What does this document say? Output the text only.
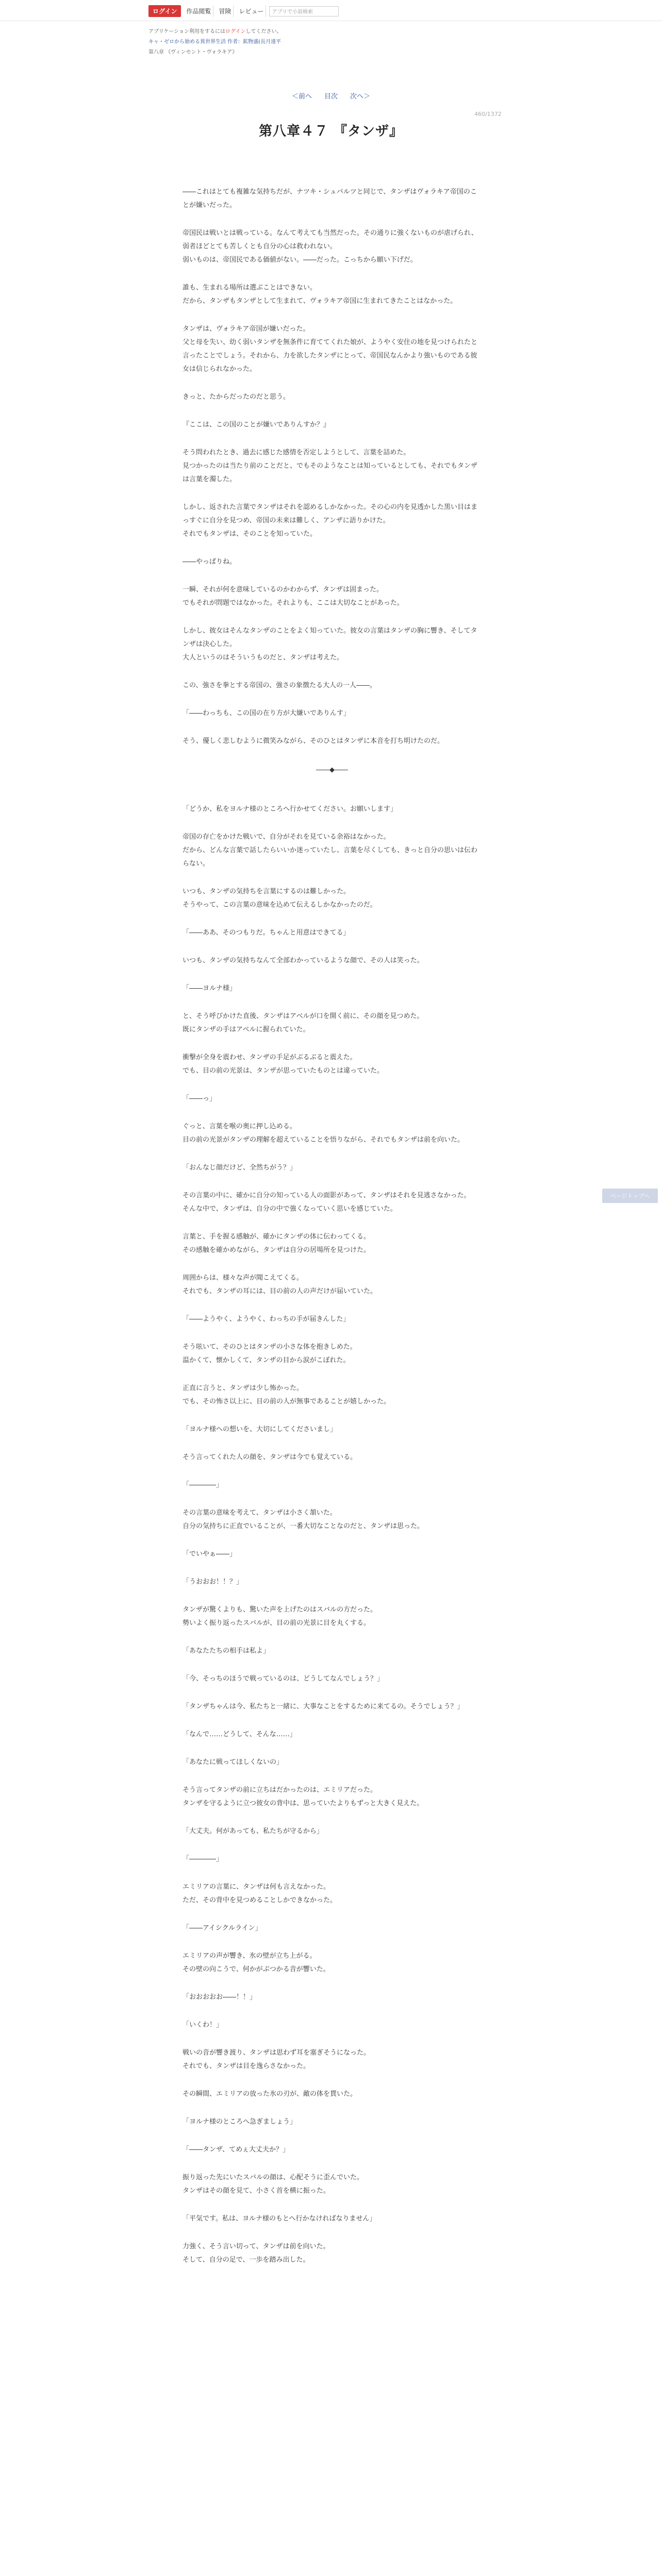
ログイン	作品閲覧	冒険	レビュー	アプリで小説検索
アプリケーション利用をするにはログインしてください。
キャ・ゼロから始める異世界生活 作者：鉱物盛(長月達平
第八章 《ヴィンセント・ヴォラキア》
＜前へ 目次 次へ＞
460/1372
第八章４７ 『タンザ』

――これはとても複雑な気持ちだが、ナツキ・シュバルツと同じで、タンザはヴォラキア帝国のことが嫌いだった。

帝国民は戦いとは戦っている。なんて考えても当然だった。その通りに強くないものが虐げられ、弱者ほどとても苦しくとも自分の心は救われない。
弱いものは、帝国民である価値がない。――だった。こっちから願い下げだ。

誰も、生まれる場所は選ぶことはできない。
だから、タンザもタンザとして生まれて、ヴォラキア帝国に生まれてきたことはなかった。

タンザは、ヴォラキア帝国が嫌いだった。
父と母を失い、幼く弱いタンザを無条件に育ててくれた娘が、ようやく安住の地を見つけられたと言ったことでしょう。それから、力を欲したタンザにとって、帝国民なんかより強いものである彼女は信じられなかった。

きっと、たからだったのだと思う。

『ここは、この国のことが嫌いでありんすか？』

そう問われたとき、過去に感じた感情を否定しようとして、言葉を詰めた。
見つかったのは当たり前のことだと、でもそのようなことは知っているとしても、それでもタンザは言葉を濁した。

しかし、返された言葉でタンザはそれを認めるしかなかった。その心の内を見透かした黒い目はまっすぐに自分を見つめ、帝国の未来は難しく、アンザに語りかけた。
それでもタンザは、そのことを知っていた。

――やっぱりね。

一瞬、それが何を意味しているのかわからず、タンザは固まった。
でもそれが問題ではなかった。それよりも、ここは大切なことがあった。

しかし、彼女はそんなタンザのことをよく知っていた。彼女の言葉はタンザの胸に響き、そしてタンザは決心した。
大人というのはそういうものだと、タンザは考えた。

この、強さを拳とする帝国の、強さの象徴たる大人の一人――。

「――わっちも、この国の在り方が大嫌いでありんす」

そう、優しく悲しむように微笑みながら、そのひとはタンザに本音を打ち明けたのだ。

――◆――

「どうか、私をヨルナ様のところへ行かせてください。お願いします」

帝国の存亡をかけた戦いで、自分がそれを見ている余裕はなかった。
だから、どんな言葉で話したらいいか迷っていたし、言葉を尽くしても、きっと自分の思いは伝わらない。

いつも、タンザの気持ちを言葉にするのは難しかった。
そうやって、この言葉の意味を込めて伝えるしかなかったのだ。

「――ああ、そのつもりだ。ちゃんと用意はできてる」

いつも、タンザの気持ちなんて全部わかっているような顔で、その人は笑った。

「――ヨルナ様」

と、そう呼びかけた直後、タンザはアベルが口を開く前に、その顔を見つめた。
既にタンザの手はアベルに握られていた。

衝撃が全身を震わせ、タンザの手足がぶるぶると震えた。
でも、目の前の光景は、タンザが思っていたものとは違っていた。

「――っ」

ぐっと、言葉を喉の奥に押し込める。
目の前の光景がタンザの理解を超えていることを悟りながら、それでもタンザは前を向いた。

「おんなじ顔だけど、全然ちがう？」

その言葉の中に、確かに自分の知っている人の面影があって、タンザはそれを見逃さなかった。
そんな中で、タンザは、自分の中で強くなっていく思いを感じていた。

言葉と、手を握る感触が、確かにタンザの体に伝わってくる。
その感触を確かめながら、タンザは自分の居場所を見つけた。

周囲からは、様々な声が聞こえてくる。
それでも、タンザの耳には、目の前の人の声だけが届いていた。

「――ようやく、ようやく、わっちの手が届きんした」

そう呟いて、そのひとはタンザの小さな体を抱きしめた。
温かくて、懐かしくて、タンザの目から涙がこぼれた。

正直に言うと、タンザは少し怖かった。
でも、その怖さ以上に、目の前の人が無事であることが嬉しかった。

「ヨルナ様への想いを、大切にしてくださいまし」

そう言ってくれた人の顔を、タンザは今でも覚えている。

「――――」

その言葉の意味を考えて、タンザは小さく頷いた。
自分の気持ちに正直でいることが、一番大切なことなのだと、タンザは思った。

「でいやぁ――」

「うおおお！！？」

タンザが驚くよりも、驚いた声を上げたのはスバルの方だった。
勢いよく振り返ったスバルが、目の前の光景に目を丸くする。

「あなたたちの相手は私よ」

「今、そっちのほうで戦っているのは、どうしてなんでしょう？」

「タンザちゃんは今、私たちと一緒に、大事なことをするために来てるの。そうでしょう？」

「なんで……どうして、そんな……」

「あなたに戦ってほしくないの」

そう言ってタンザの前に立ちはだかったのは、エミリアだった。
タンザを守るように立つ彼女の背中は、思っていたよりもずっと大きく見えた。

「大丈夫。何があっても、私たちが守るから」

「――――」

エミリアの言葉に、タンザは何も言えなかった。
ただ、その背中を見つめることしかできなかった。

「――アイシクルライン」

エミリアの声が響き、氷の壁が立ち上がる。
その壁の向こうで、何かがぶつかる音が響いた。

「おおおおお――！！」

「いくわ！」

戦いの音が響き渡り、タンザは思わず耳を塞ぎそうになった。
それでも、タンザは目を逸らさなかった。

その瞬間、エミリアの放った氷の刃が、敵の体を貫いた。

「ヨルナ様のところへ急ぎましょう」

「――タンザ、てめぇ大丈夫か？」

振り返った先にいたスバルの顔は、心配そうに歪んでいた。
タンザはその顔を見て、小さく首を横に振った。

「平気です。私は、ヨルナ様のもとへ行かなければなりません」

力強く、そう言い切って、タンザは前を向いた。
そして、自分の足で、一歩を踏み出した。

ページトップへ
